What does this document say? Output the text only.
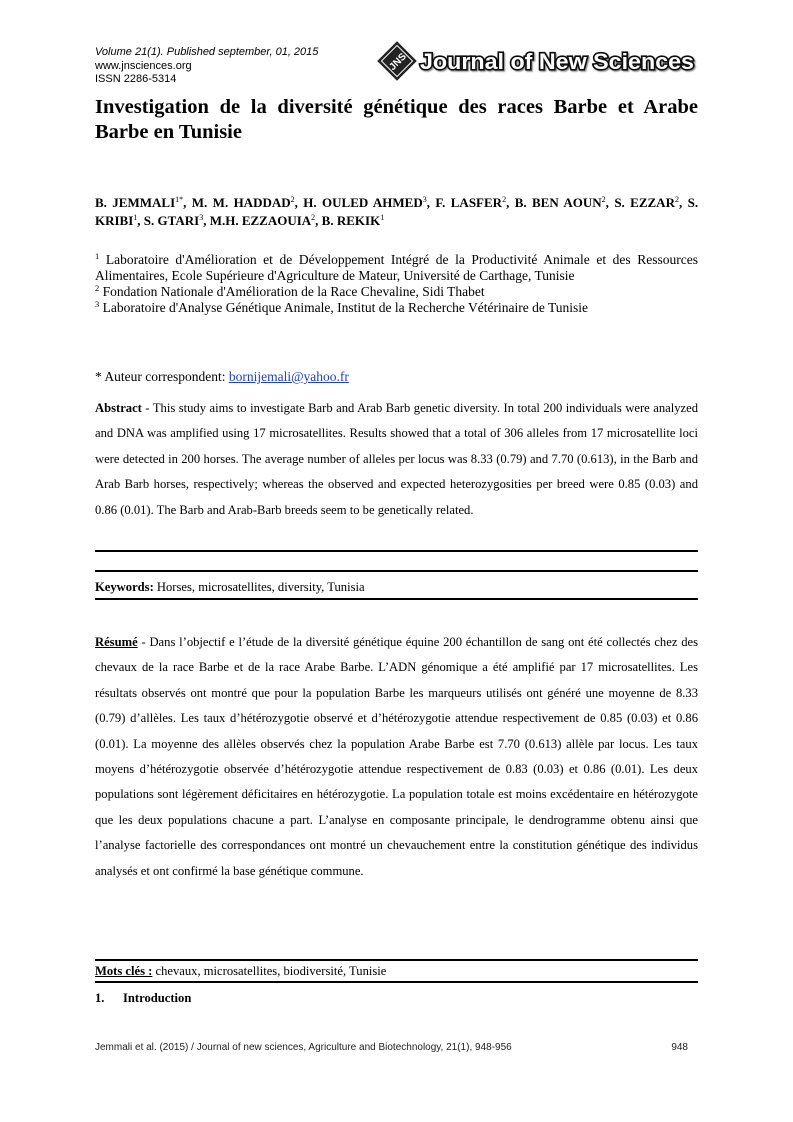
Volume 21(1). Published september, 01, 2015
www.jnsciences.org
ISSN 2286-5314
JNS Journal of New Sciences
Investigation de la diversité génétique des races Barbe et Arabe Barbe en Tunisie
B. $JEMMALI^{1*}$, M. M. HADDAD$^2$, H. OULED AHMED$^3$, F. LASFER$^2$, B. BEN AOUN$^2$, S. EZZAR$^2$, S. KRIBI$^1$, S. GTARI$^3$, M.H. EZZAOUIA$^2$, B. REKIK$^1$

$^1$ Laboratoire d'Amélioration et de Développement Intégré de la Productivité Animale et des Ressources Alimentaires, Ecole Supérieure d'Agriculture de Mateur, Université de Carthage, Tunisie

$^2$ Fondation Nationale d'Amélioration de la Race Chevaline, Sidi Thabet

$^3$ Laboratoire d'Analyse Génétique Animale, Institut de la Recherche Vétérinaire de Tunisie

* Auteur correspondent: bornijemali@yahoo.fr

Abstract - This study aims to investigate Barb and Arab Barb genetic diversity. In total 200 individuals were analyzed and DNA was amplified using 17 microsatellites. Results showed that a total of 306 alleles from 17 microsatellite loci were detected in 200 horses. The average number of alleles per locus was 8.33 (0.79) and 7.70 (0.613), in the Barb and Arab Barb horses, respectively; whereas the observed and expected heterozygosities per breed were 0.85 (0.03) and 0.86 (0.01). The Barb and Arab-Barb breeds seem to be genetically related.

Keywords: Horses, microsatellites, diversity, Tunisia

Résumé - Dans l’objectif e l’étude de la diversité génétique équine 200 échantillon de sang ont été collectés chez des chevaux de la race Barbe et de la race Arabe Barbe. L’ADN génomique a été amplifié par 17 microsatellites. Les résultats observés ont montré que pour la population Barbe les marqueurs utilisés ont généré une moyenne de 8.33 (0.79) d’allèles. Les taux d’hétérozygotie observé et d’hétérozygotie attendue respectivement de 0.85 (0.03) et 0.86 (0.01). La moyenne des allèles observés chez la population Arabe Barbe est 7.70 (0.613) allèle par locus. Les taux moyens d’hétérozygotie observée d’hétérozygotie attendue respectivement de 0.83 (0.03) et 0.86 (0.01). Les deux populations sont légèrement déficitaires en hétérozygotie. La population totale est moins excédentaire en hétérozygote que les deux populations chacune a part. L’analyse en composante principale, le dendrogramme obtenu ainsi que l’analyse factorielle des correspondances ont montré un chevauchement entre la constitution génétique des individus analysés et ont confirmé la base génétique commune.

Mots clés : chevaux, microsatellites, biodiversité, Tunisie
1. Introduction
Jemmali et al. (2015) / Journal of new sciences, Agriculture and Biotechnology, 21(1), 948-956	948
